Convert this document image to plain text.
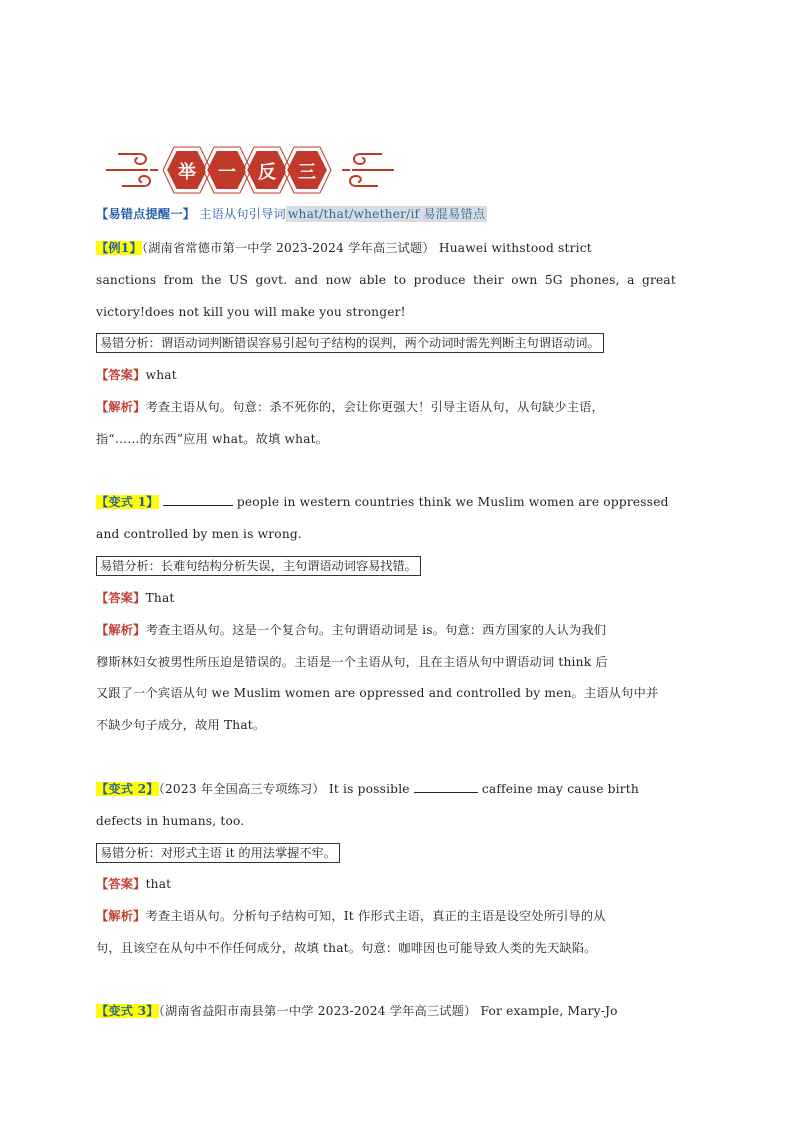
举	一	反	三
【易错点提醒一】 主语从句引导词 what/that/whether/if 易混易错点
【例1】（湖南省常德市第一中学 2023-2024 学年高三试题） Huawei withstood strict
sanctions from the US govt. and now able to produce their own 5G phones, a great
victory!does not kill you will make you stronger!
易错分析：谓语动词判断错误容易引起句子结构的误判，两个动词时需先判断主句谓语动词。
【答案】what
【解析】考查主语从句。句意：杀不死你的，会让你更强大！引导主语从句，从句缺少主语，
指“……的东西”应用 what。故填 what。
【变式 1】	people in western countries think we Muslim women are oppressed
and controlled by men is wrong.
易错分析：长难句结构分析失误，主句谓语动词容易找错。
【答案】That
【解析】考查主语从句。这是一个复合句。主句谓语动词是 is。句意：西方国家的人认为我们
穆斯林妇女被男性所压迫是错误的。主语是一个主语从句，且在主语从句中谓语动词 think 后
又跟了一个宾语从句 we Muslim women are oppressed and controlled by men。主语从句中并
不缺少句子成分，故用 That。
【变式 2】（2023 年全国高三专项练习） It is possible	caffeine may cause birth
defects in humans, too.
易错分析：对形式主语 it 的用法掌握不牢。
【答案】that
【解析】考查主语从句。分析句子结构可知，It 作形式主语，真正的主语是设空处所引导的从
句，且该空在从句中不作任何成分，故填 that。句意：咖啡因也可能导致人类的先天缺陷。
【变式 3】（湖南省益阳市南县第一中学 2023-2024 学年高三试题） For example, Mary-Jo
